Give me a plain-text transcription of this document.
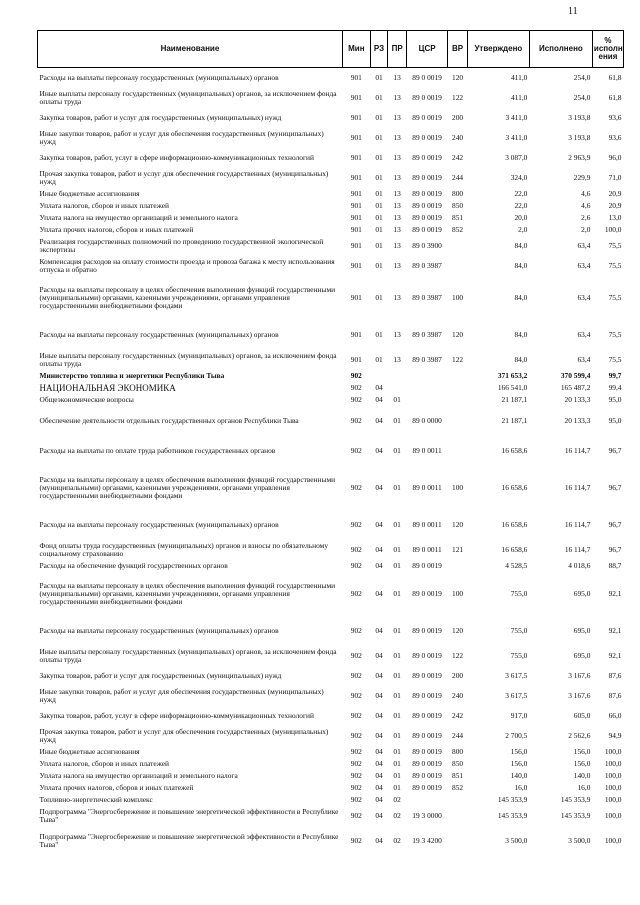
11
Наименование	Мин	РЗ	ПР	ЦСР	ВР	Утверждено	Исполнено	% исполн ения
Расходы на выплаты персоналу государственных (муниципальных) органов	901	01	13	89 0 0019	120	411,0	254,0	61,8
Иные выплаты персоналу государственных (муниципальных) органов, за исключением фонда оплаты труда	901	01	13	89 0 0019	122	411,0	254,0	61,8
Закупка товаров, работ и услуг для государственных (муниципальных) нужд	901	01	13	89 0 0019	200	3 411,0	3 193,8	93,6
Иные закупки товаров, работ и услуг для обеспечения государственных (муниципальных) нужд	901	01	13	89 0 0019	240	3 411,0	3 193,8	93,6
Закупка товаров, работ, услуг в сфере информационно-коммуникационных технологий	901	01	13	89 0 0019	242	3 087,0	2 963,9	96,0
Прочая закупка товаров, работ и услуг для обеспечения государственных (муниципальных) нужд	901	01	13	89 0 0019	244	324,0	229,9	71,0
Иные бюджетные ассигнования	901	01	13	89 0 0019	800	22,0	4,6	20,9
Уплата налогов, сборов и иных платежей	901	01	13	89 0 0019	850	22,0	4,6	20,9
Уплата налога на имущество организаций и земельного налога	901	01	13	89 0 0019	851	20,0	2,6	13,0
Уплата прочих налогов, сборов и иных платежей	901	01	13	89 0 0019	852	2,0	2,0	100,0
Реализация государственных полномочий по проведению государственной экологической экспертизы	901	01	13	89 0 3900		84,0	63,4	75,5
Компенсация расходов на оплату стоимости проезда и провоза багажа к месту использования отпуска и обратно	901	01	13	89 0 3987		84,0	63,4	75,5
Расходы на выплаты персоналу в целях обеспечения выполнения функций государственными (муниципальными) органами, казенными учреждениями, органами управления государственными внебюджетными фондами	901	01	13	89 0 3987	100	84,0	63,4	75,5
Расходы на выплаты персоналу государственных (муниципальных) органов	901	01	13	89 0 3987	120	84,0	63,4	75,5
Иные выплаты персоналу государственных (муниципальных) органов, за исключением фонда оплаты труда	901	01	13	89 0 3987	122	84,0	63,4	75,5
Министерство топлива и энергетики Республики Тыва	902					371 653,2	370 599,4	99,7
НАЦИОНАЛЬНАЯ ЭКОНОМИКА	902	04				166 541,0	165 487,2	99,4
Общеэкономические вопросы	902	04	01			21 187,1	20 133,3	95,0
Обеспечение деятельности отдельных государственных органов Республики Тыва	902	04	01	89 0 0000		21 187,1	20 133,3	95,0
Расходы на выплаты по оплате труда работников государственных органов	902	04	01	89 0 0011		16 658,6	16 114,7	96,7
Расходы на выплаты персоналу в целях обеспечения выполнения функций государственными (муниципальными) органами, казенными учреждениями, органами управления государственными внебюджетными фондами	902	04	01	89 0 0011	100	16 658,6	16 114,7	96,7
Расходы на выплаты персоналу государственных (муниципальных) органов	902	04	01	89 0 0011	120	16 658,6	16 114,7	96,7
Фонд оплаты труда государственных (муниципальных) органов и взносы по обязательному социальному страхованию	902	04	01	89 0 0011	121	16 658,6	16 114,7	96,7
Расходы на обеспечение функций государственных органов	902	04	01	89 0 0019		4 528,5	4 018,6	88,7
Расходы на выплаты персоналу в целях обеспечения выполнения функций государственными (муниципальными) органами, казенными учреждениями, органами управления государственными внебюджетными фондами	902	04	01	89 0 0019	100	755,0	695,0	92,1
Расходы на выплаты персоналу государственных (муниципальных) органов	902	04	01	89 0 0019	120	755,0	695,0	92,1
Иные выплаты персоналу государственных (муниципальных) органов, за исключением фонда оплаты труда	902	04	01	89 0 0019	122	755,0	695,0	92,1
Закупка товаров, работ и услуг для государственных (муниципальных) нужд	902	04	01	89 0 0019	200	3 617,5	3 167,6	87,6
Иные закупки товаров, работ и услуг для обеспечения государственных (муниципальных) нужд	902	04	01	89 0 0019	240	3 617,5	3 167,6	87,6
Закупка товаров, работ, услуг в сфере информационно-коммуникационных технологий	902	04	01	89 0 0019	242	917,0	605,0	66,0
Прочая закупка товаров, работ и услуг для обеспечения государственных (муниципальных) нужд	902	04	01	89 0 0019	244	2 700,5	2 562,6	94,9
Иные бюджетные ассигнования	902	04	01	89 0 0019	800	156,0	156,0	100,0
Уплата налогов, сборов и иных платежей	902	04	01	89 0 0019	850	156,0	156,0	100,0
Уплата налога на имущество организаций и земельного налога	902	04	01	89 0 0019	851	140,0	140,0	100,0
Уплата прочих налогов, сборов и иных платежей	902	04	01	89 0 0019	852	16,0	16,0	100,0
Топливно-энергетический комплекс	902	04	02			145 353,9	145 353,9	100,0
Подпрограмма "Энергосбережение и повышение энергетической эффективности в Республике Тыва"	902	04	02	19 3 0000		145 353,9	145 353,9	100,0
Подпрограмма "Энергосбережение и повышение энергетической эффективности в Республике Тыва"	902	04	02	19 3 4200		3 500,0	3 500,0	100,0
